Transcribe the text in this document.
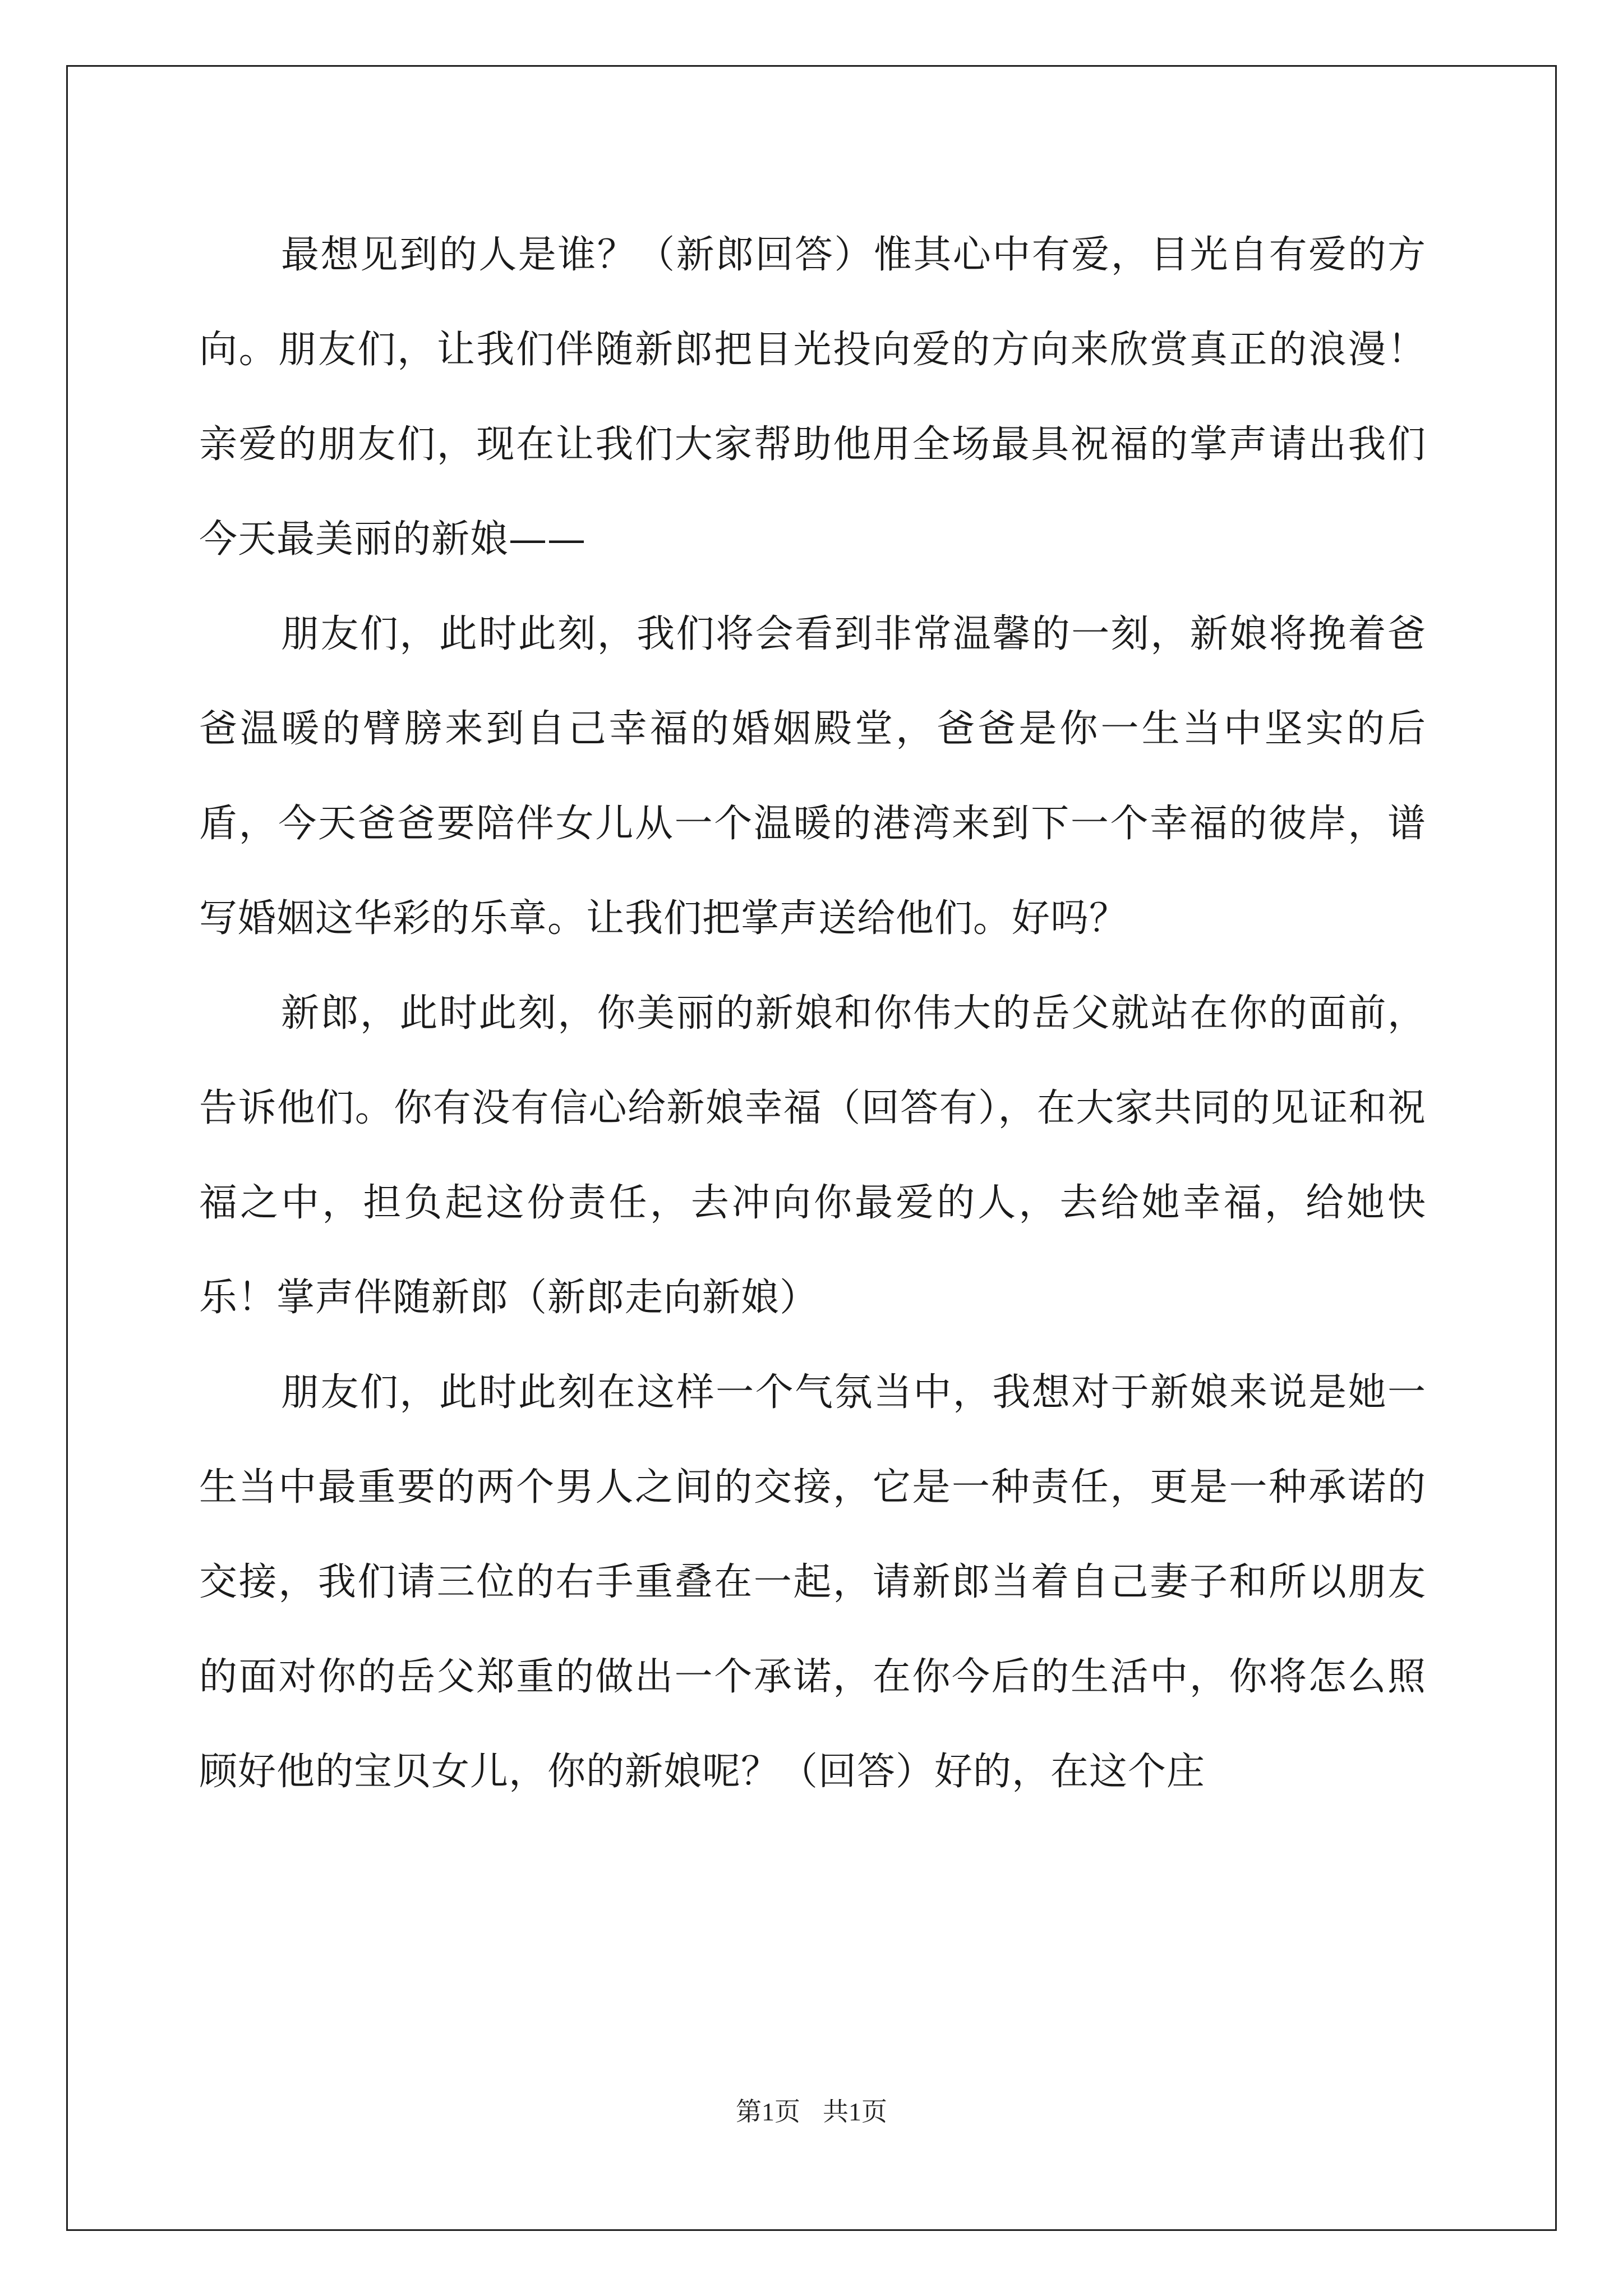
最想见到的人是谁？（新郎回答）惟其心中有爱，目光自有爱的方向。朋友们，让我们伴随新郎把目光投向爱的方向来欣赏真正的浪漫！亲爱的朋友们，现在让我们大家帮助他用全场最具祝福的掌声请出我们今天最美丽的新娘——

朋友们，此时此刻，我们将会看到非常温馨的一刻，新娘将挽着爸爸温暖的臂膀来到自己幸福的婚姻殿堂，爸爸是你一生当中坚实的后盾，今天爸爸要陪伴女儿从一个温暖的港湾来到下一个幸福的彼岸，谱写婚姻这华彩的乐章。让我们把掌声送给他们。好吗？

新郎，此时此刻，你美丽的新娘和你伟大的岳父就站在你的面前，告诉他们。你有没有信心给新娘幸福（回答有），在大家共同的见证和祝福之中，担负起这份责任，去冲向你最爱的人，去给她幸福，给她快乐！掌声伴随新郎（新郎走向新娘）

朋友们，此时此刻在这样一个气氛当中，我想对于新娘来说是她一生当中最重要的两个男人之间的交接，它是一种责任，更是一种承诺的交接，我们请三位的右手重叠在一起，请新郎当着自己妻子和所以朋友的面对你的岳父郑重的做出一个承诺，在你今后的生活中，你将怎么照顾好他的宝贝女儿，你的新娘呢？（回答）好的，在这个庄

第1页 共1页
